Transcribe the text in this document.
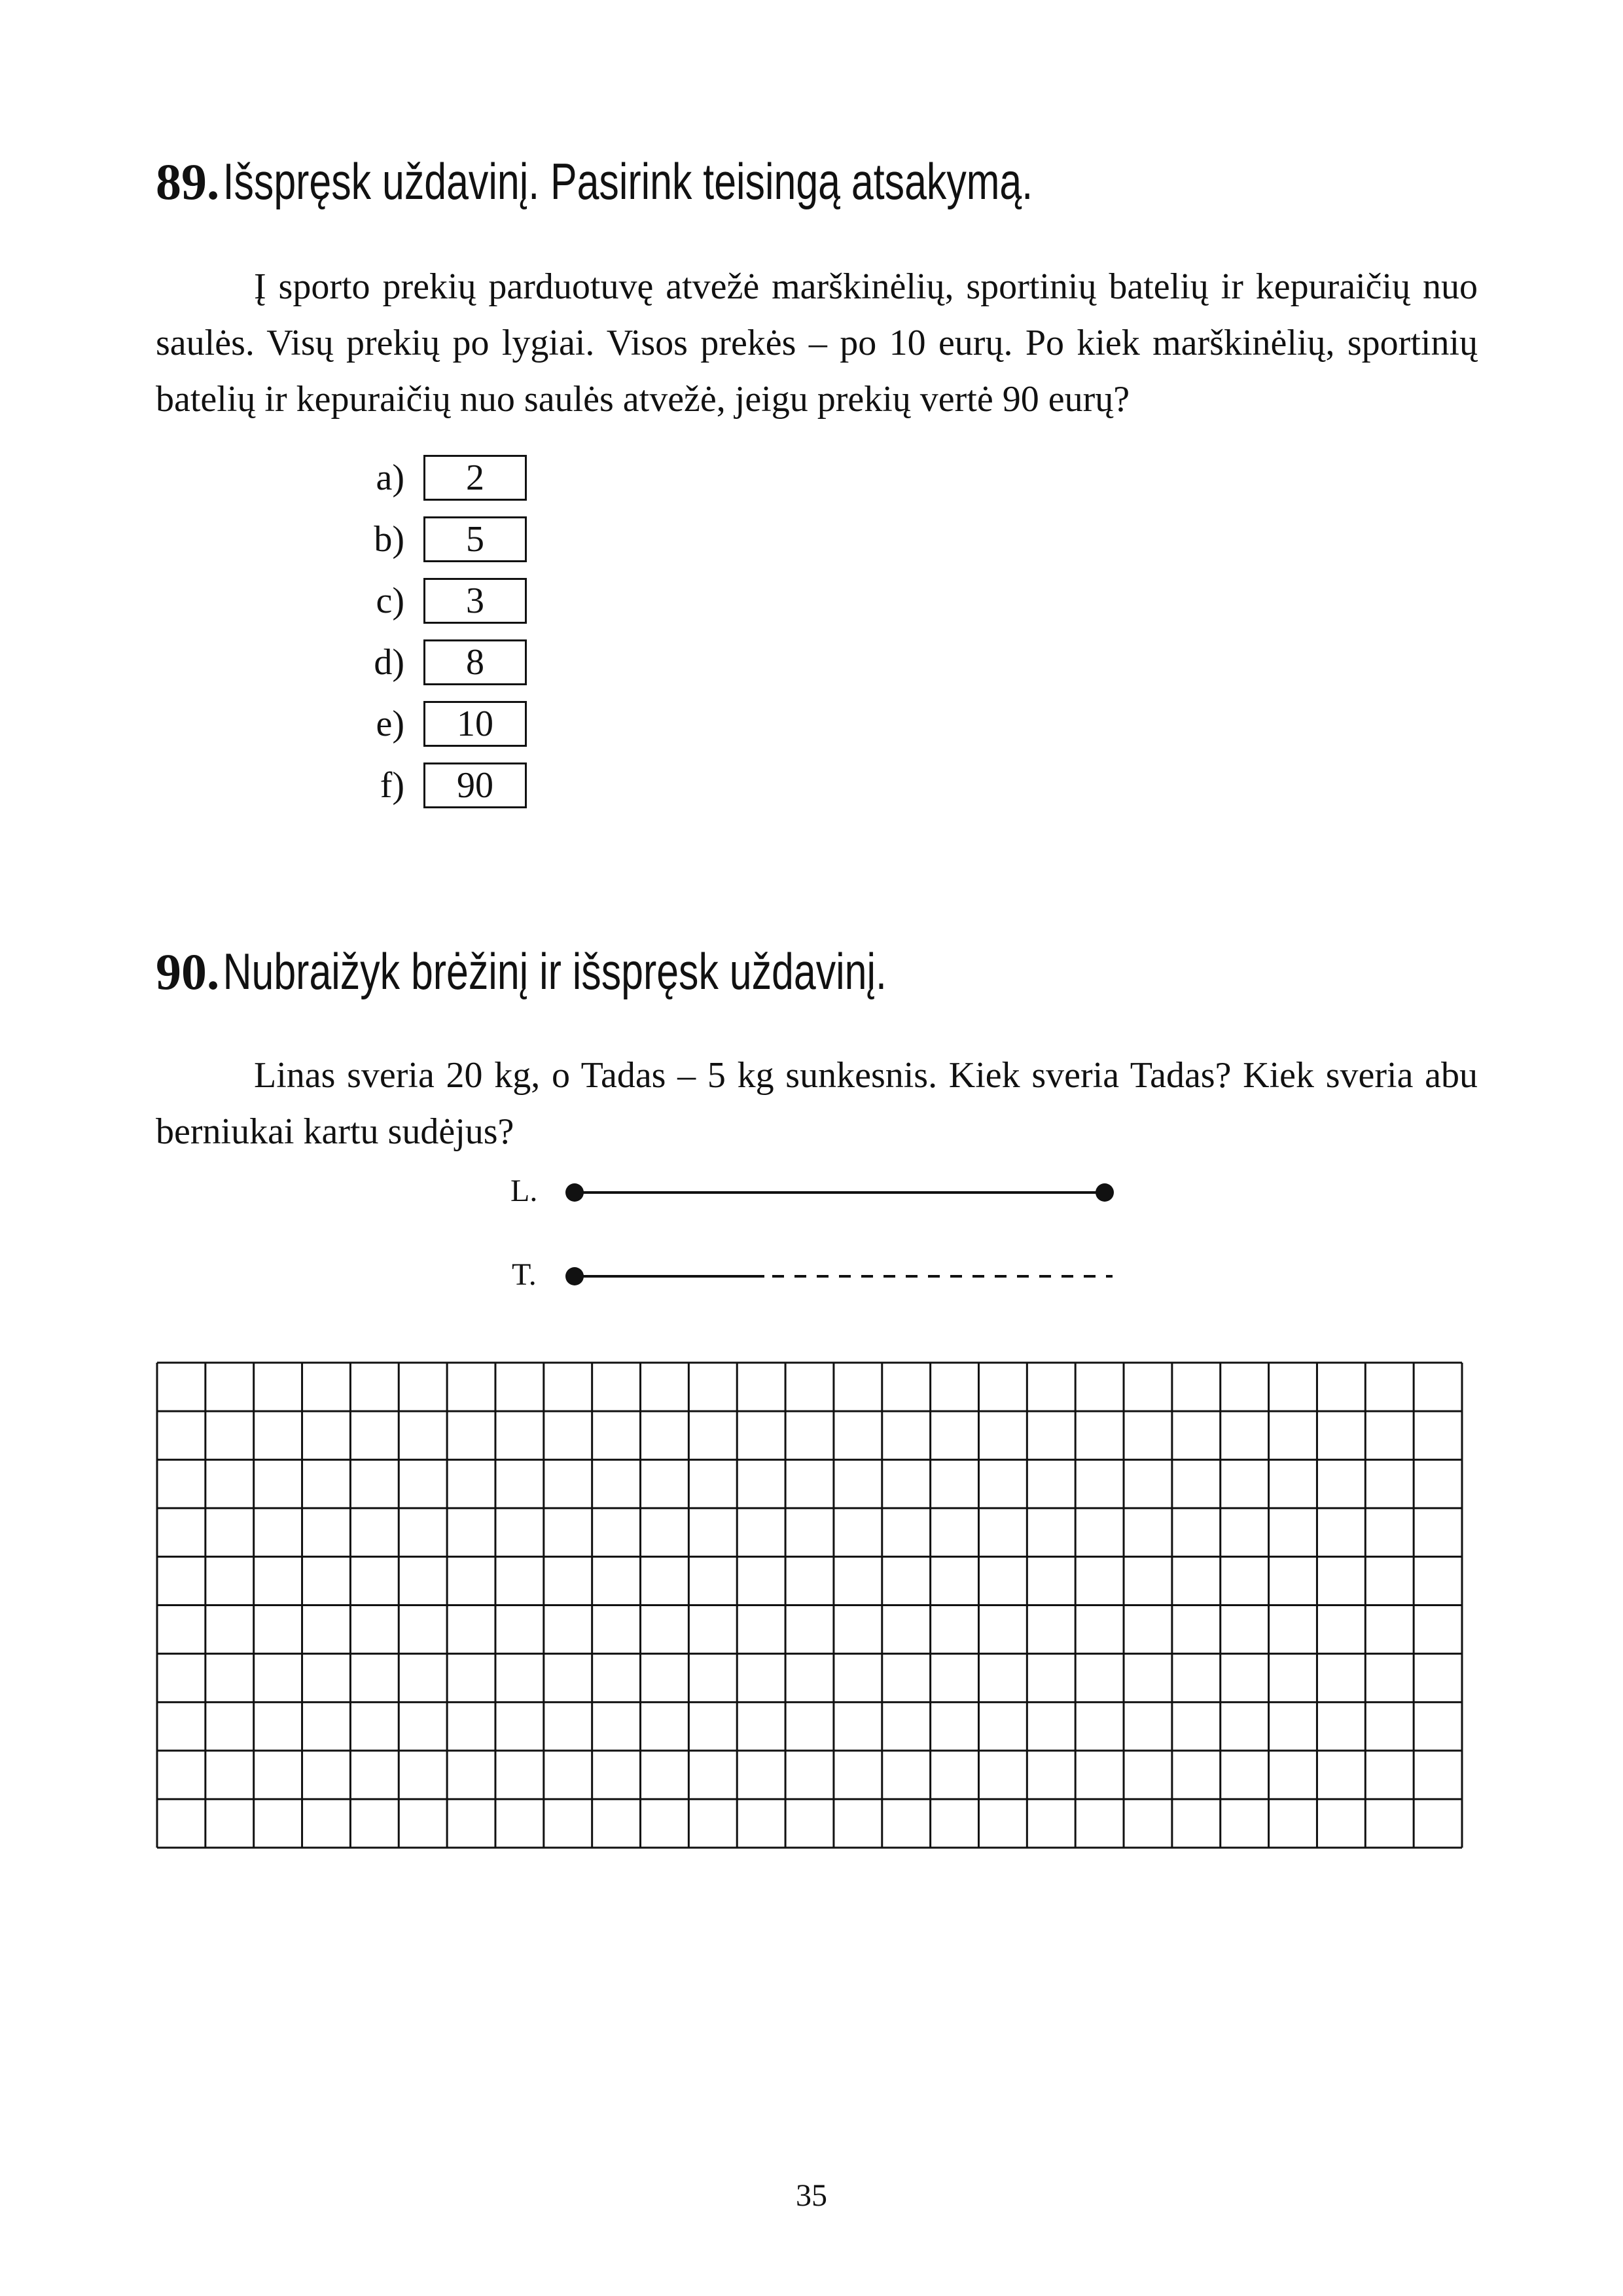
89.Išspręsk uždavinį. Pasirink teisingą atsakymą.

Į sporto prekių parduotuvę atvežė marškinėlių, sportinių batelių ir kepuraičių nuo saulės. Visų prekių po lygiai. Visos prekės – po 10 eurų. Po kiek marškinėlių, sportinių batelių ir kepuraičių nuo saulės atvežė, jeigu prekių vertė 90 eurų?

a)	2
b)	5
c)	3
d)	8
e)	10
f)	90
90.Nubraižyk brėžinį ir išspręsk uždavinį.

Linas sveria 20 kg, o Tadas – 5 kg sunkesnis. Kiek sveria Tadas? Kiek sveria abu berniukai kartu sudėjus?

L.
T.
35
